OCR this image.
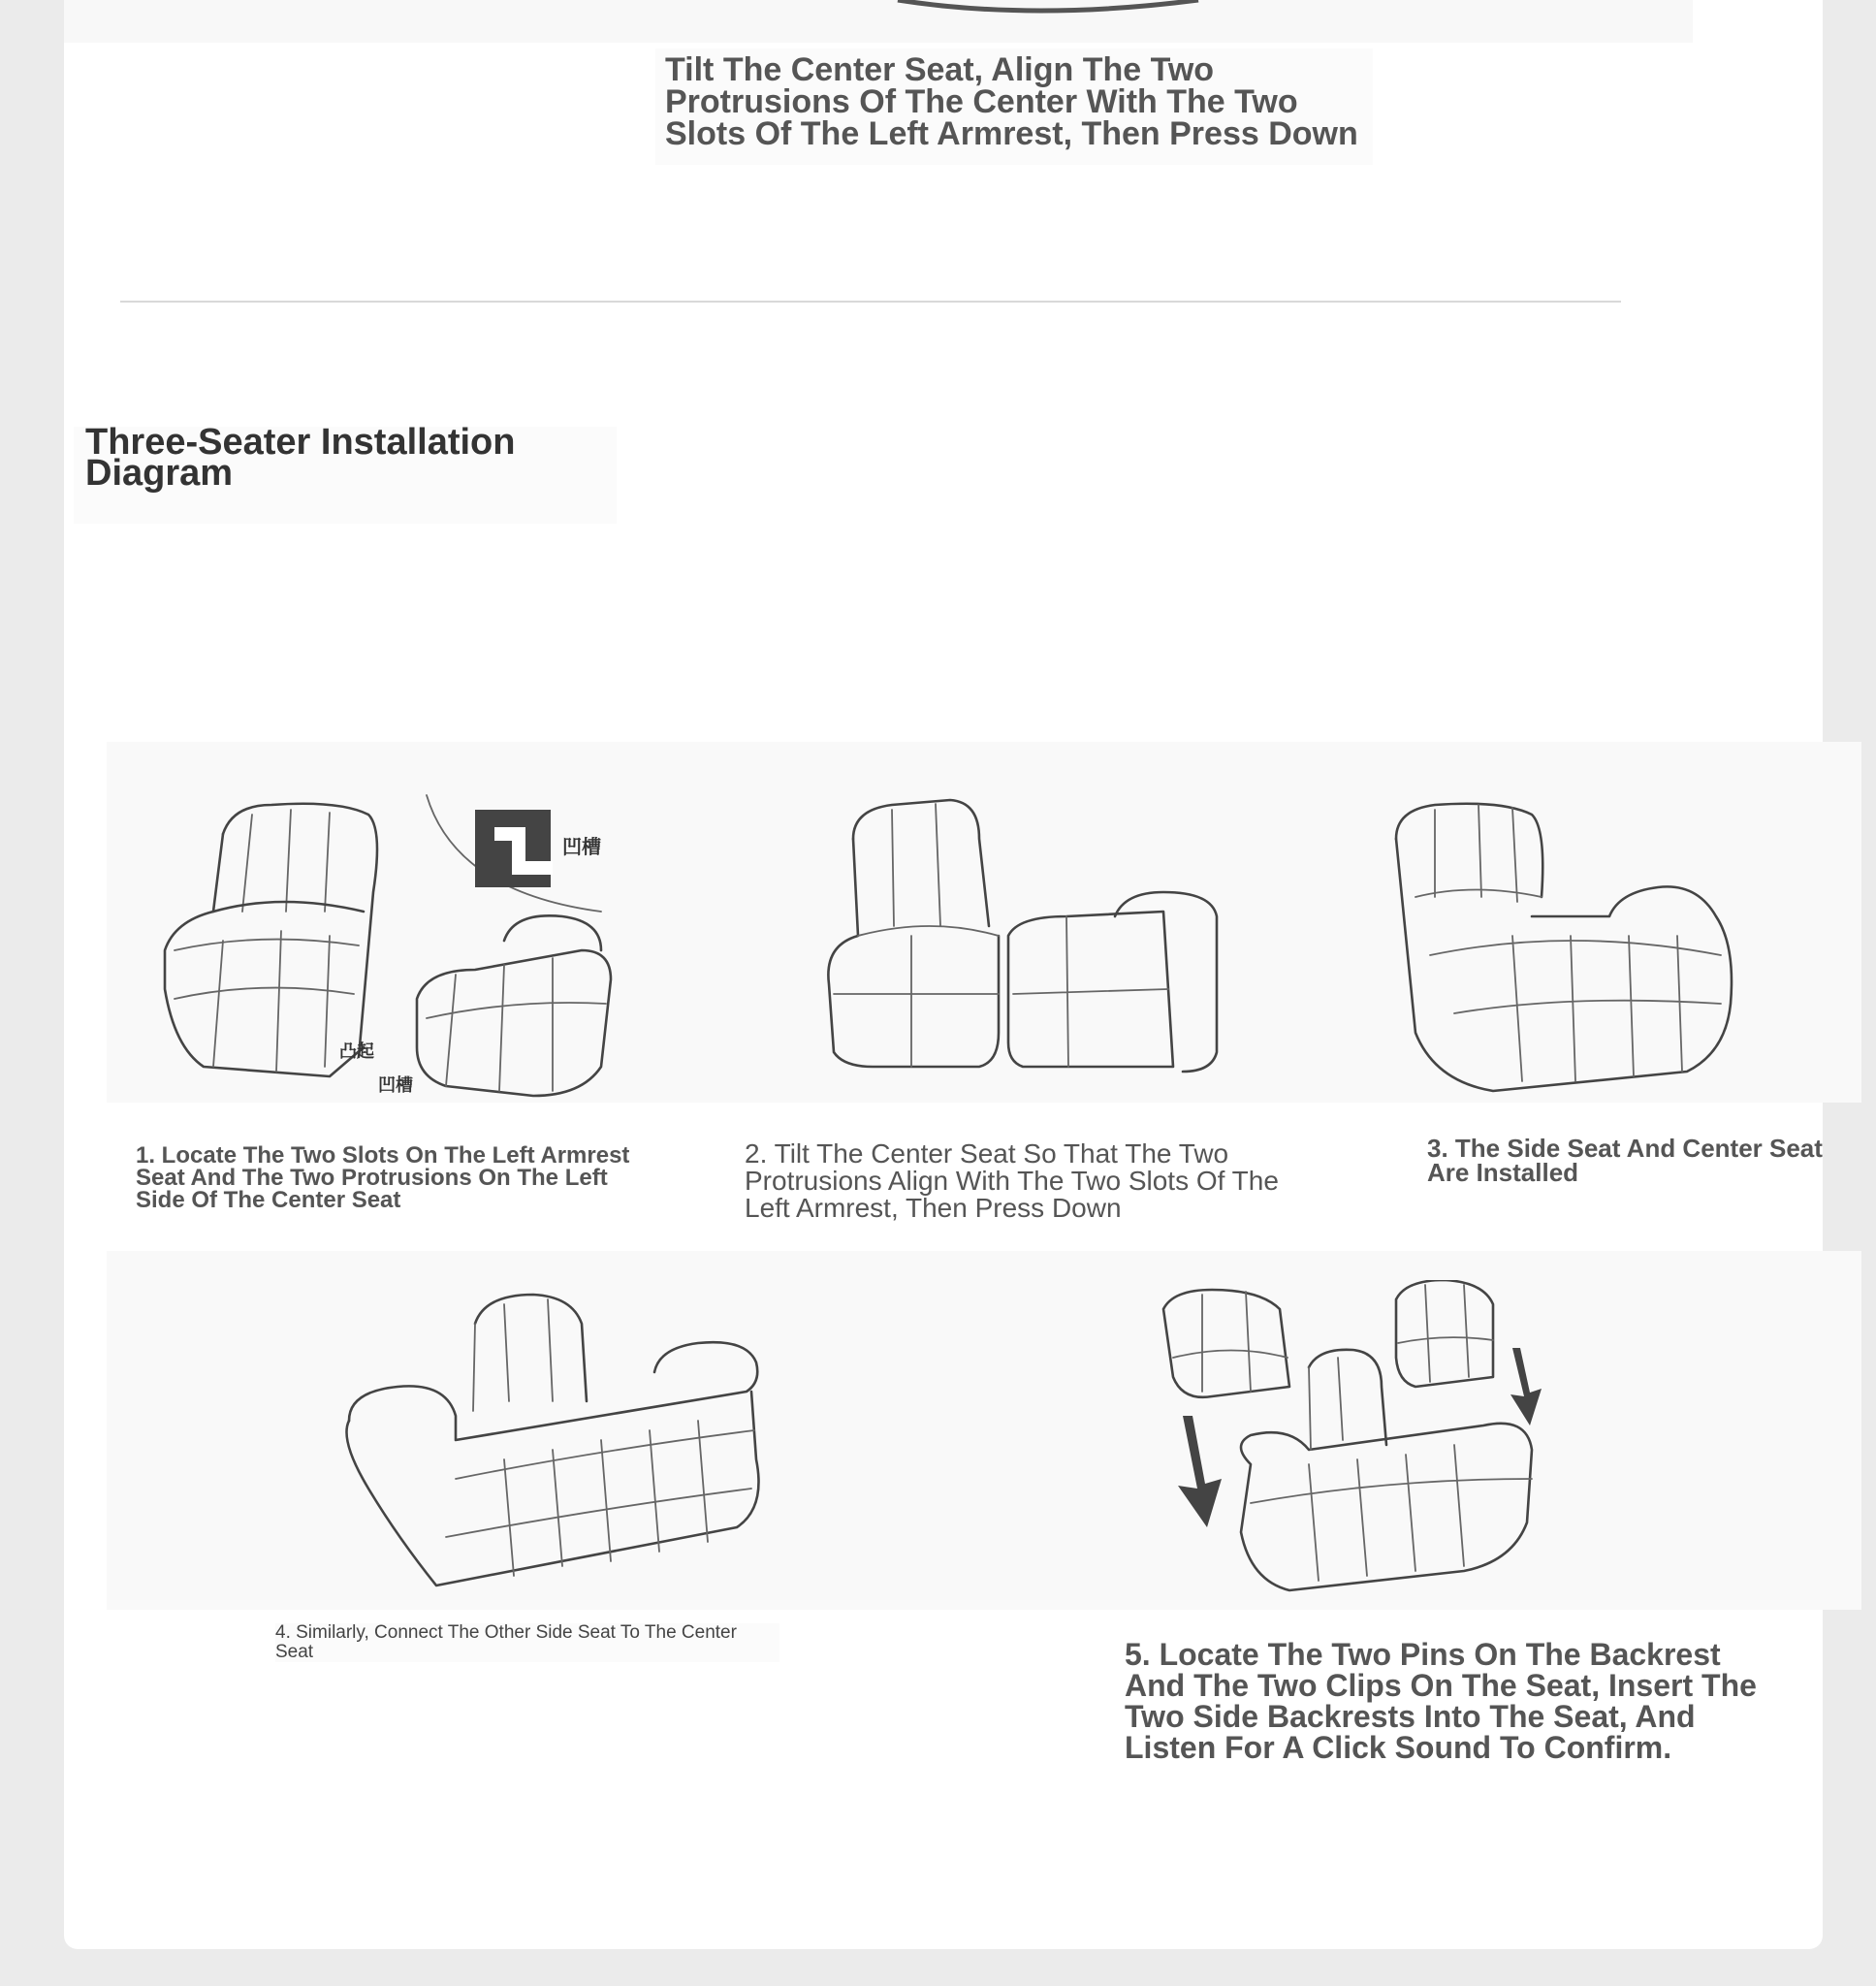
Tilt The Center Seat, Align The Two Protrusions Of The Center With The Two Slots Of The Left Armrest, Then Press Down
Three-Seater Installation Diagram
凹槽
凸起
凹槽
1. Locate The Two Slots On The Left Armrest Seat And The Two Protrusions On The Left Side Of The Center Seat
2. Tilt The Center Seat So That The Two Protrusions Align With The Two Slots Of The Left Armrest, Then Press Down
3. The Side Seat And Center Seat Are Installed
4. Similarly, Connect The Other Side Seat To The Center Seat	5. Locate The Two Pins On The Backrest And The Two Clips On The Seat, Insert The Two Side Backrests Into The Seat, And Listen For A Click Sound To Confirm.
